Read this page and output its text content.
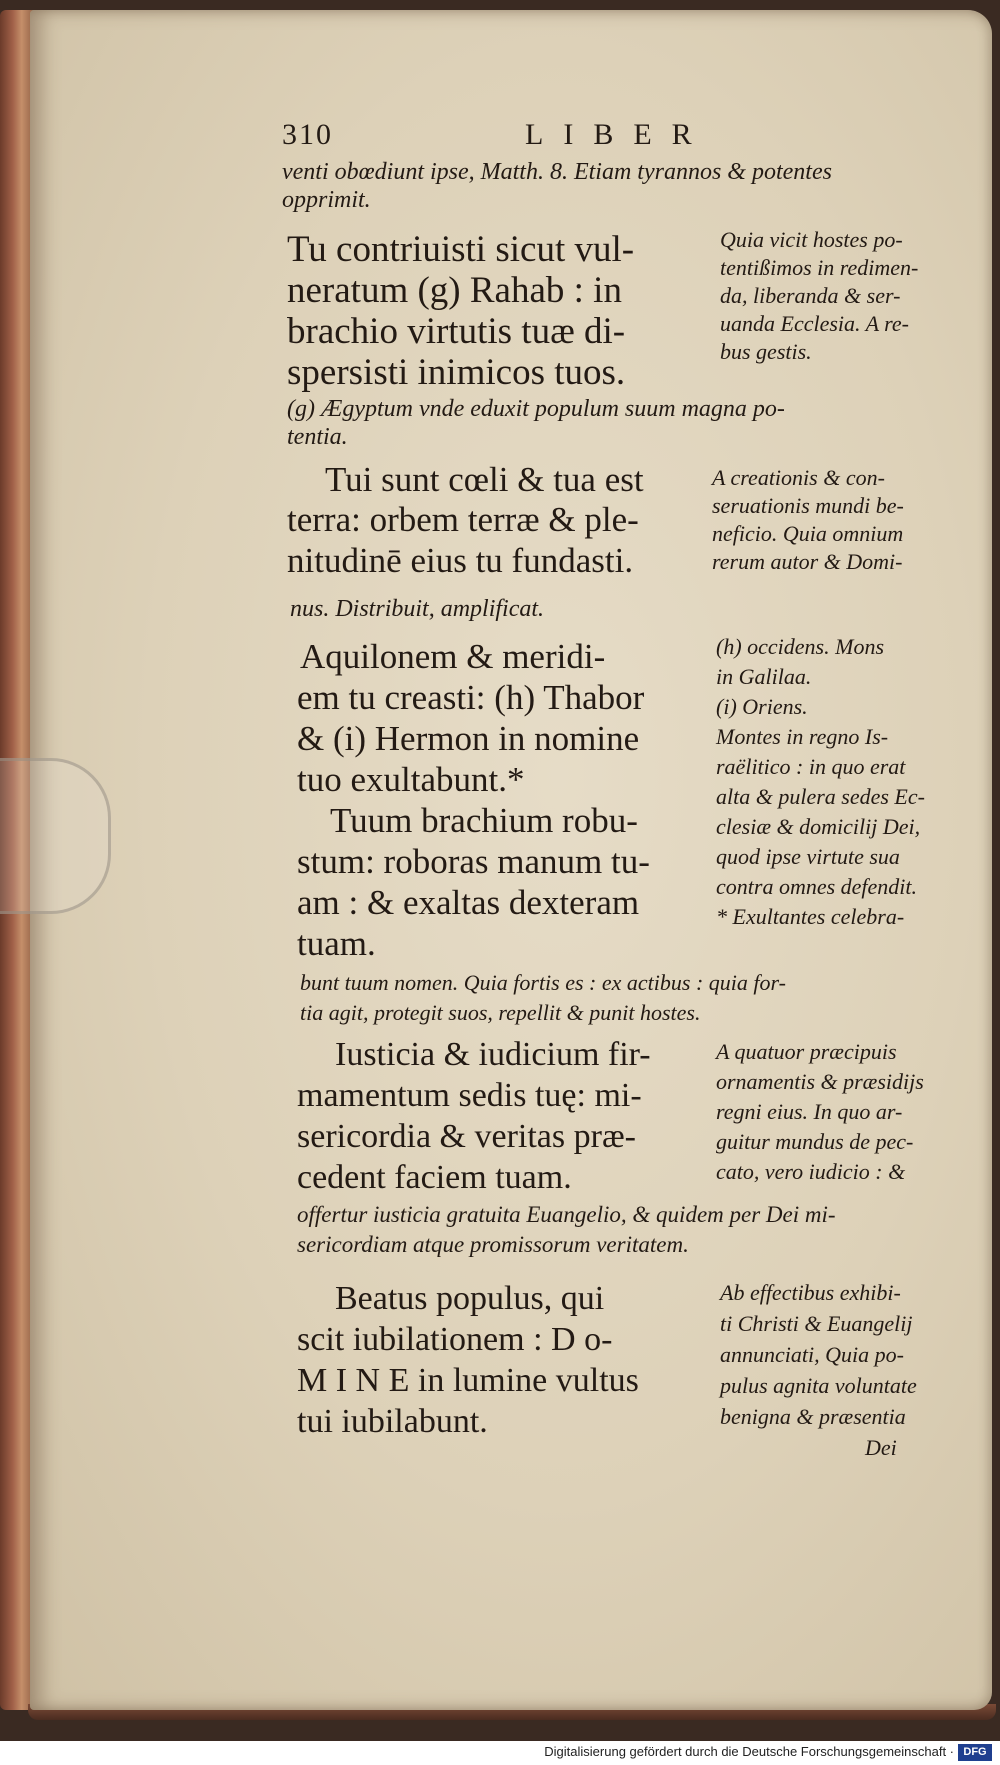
310	LIBER
venti obœdiunt ipse, Matth. 8. Etiam tyrannos & potentes
opprimit.
Tu contriuisti sicut vul-
neratum (g) Rahab : in
brachio virtutis tuæ di-
spersisti inimicos tuos.
Quia vicit hostes po-
tentißimos in redimen-
da, liberanda & ser-
uanda Ecclesia. A re-
bus gestis.
(g) Ægyptum vnde eduxit populum suum magna po-
tentia.
Tui sunt cœli & tua est
terra: orbem terræ & ple-
nitudinē eius tu fundasti.
A creationis & con-
seruationis mundi be-
neficio. Quia omnium
rerum autor & Domi-
nus. Distribuit, amplificat.
Aquilonem & meridi-
em tu creasti: (h) Thabor
& (i) Hermon in nomine
tuo exultabunt.*
Tuum brachium robu-
stum: roboras manum tu-
am : & exaltas dexteram
tuam.
(h) occidens. Mons
in Galilaa.
(i) Oriens.
Montes in regno Is-
raëlitico : in quo erat
alta & pulera sedes Ec-
clesiæ & domicilij Dei,
quod ipse virtute sua
contra omnes defendit.
* Exultantes celebra-
bunt tuum nomen. Quia fortis es : ex actibus : quia for-
tia agit, protegit suos, repellit & punit hostes.
Iusticia & iudicium fir-
mamentum sedis tuę: mi-
sericordia & veritas præ-
cedent faciem tuam.
A quatuor præcipuis
ornamentis & præsidijs
regni eius. In quo ar-
guitur mundus de pec-
cato, vero iudicio : &
offertur iusticia gratuita Euangelio, & quidem per Dei mi-
sericordiam atque promissorum veritatem.
Beatus populus, qui
scit iubilationem : D o-
M I N E in lumine vultus
tui iubilabunt.
Ab effectibus exhibi-
ti Christi & Euangelij
annunciati, Quia po-
pulus agnita voluntate
benigna & præsentia
Dei
Digitalisierung gefördert durch die Deutsche Forschungsgemeinschaft · DFG
